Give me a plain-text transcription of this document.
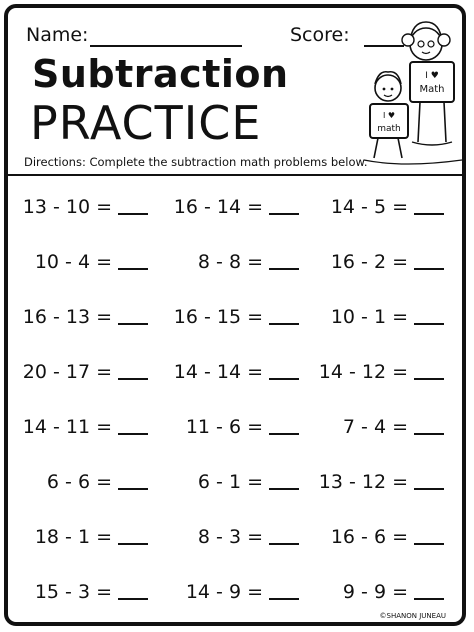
Name:	Score:
Subtraction
PRACTICE
I ♥
Math
I ♥
math
Directions: Complete the subtraction math problems below.
13 - 10 =	16 - 14 =	14 - 5 =
10 - 4 =	8 - 8 =	16 - 2 =
16 - 13 =	16 - 15 =	10 - 1 =
20 - 17 =	14 - 14 =	14 - 12 =
14 - 11 =	11 - 6 =	7 - 4 =
6 - 6 =	6 - 1 =	13 - 12 =
18 - 1 =	8 - 3 =	16 - 6 =
15 - 3 =	14 - 9 =	9 - 9 =
©SHANON JUNEAU
